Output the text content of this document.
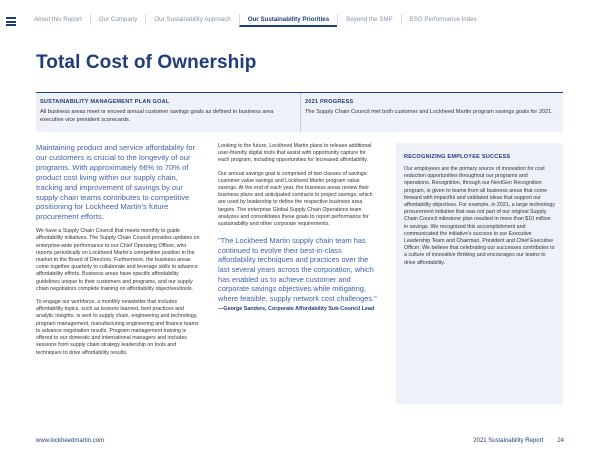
About this Report	Our Company	Our Sustainability Approach	Our Sustainability Priorities	Beyond the SMP	ESG Performance Index
Total Cost of Ownership
SUSTAINABILITY MANAGEMENT PLAN GOAL
All business areas meet or exceed annual customer savings goals as defined in business area executive vice president scorecards.
2021 PROGRESS
The Supply Chain Council met both customer and Lockheed Martin program savings goals for 2021.

Maintaining product and service affordability for our customers is crucial to the longevity of our programs. With approximately 66% to 70% of product cost living within our supply chain, tracking and improvement of savings by our supply chain teams contributes to competitive positioning for Lockheed Martin's future procurement efforts.

We have a Supply Chain Council that meets monthly to guide affordability initiatives. The Supply Chain Council provides updates on enterprise-wide performance to our Chief Operating Officer, who reports periodically on Lockheed Martin's competitive position in the market to the Board of Directors. Furthermore, the business areas come together quarterly to collaborate and leverage skills to advance affordability efforts. Business areas have specific affordability guidelines unique to their customers and programs, and our supply chain negotiators complete training on affordability objectives/tools.

To engage our workforce, a monthly newsletter that includes affordability topics, such as lessons learned, best practices and analytic insights, is sent to supply chain, engineering and technology, program management, manufacturing engineering and finance teams to advance negotiation results. Program management training is offered to our domestic and international managers and includes sessions from supply chain strategy leadership on tools and techniques to drive affordability results.

Looking to the future, Lockheed Martin plans to release additional user-friendly digital tools that assist with opportunity capture for each program, including opportunities for increased affordability.

Our annual savings goal is comprised of two classes of savings: customer value savings and Lockheed Martin program value savings. At the end of each year, the business areas review their business plans and anticipated contracts to project savings, which are used by leadership to define the respective business area targets. The enterprise Global Supply Chain Operations team analyzes and consolidates these goals to report performance for sustainability and other corporate requirements.

"The Lockheed Martin supply chain team has continued to evolve their best-in-class affordability techniques and practices over the last several years across the corporation, which has enabled us to achieve customer and corporate savings objectives while mitigating, where feasible, supply network cost challenges."

—George Sanders, Corporate Affordability Sub-Council Lead

RECOGNIZING EMPLOYEE SUCCESS

Our employees are the primary source of innovation for cost reduction opportunities throughout our programs and operations. Recognition, through our NextGen Recognition program, is given to teams from all business areas that come forward with impactful and validated ideas that support our affordability objectives. For example, in 2021, a large technology procurement initiative that was not part of our original Supply Chain Council milestone plan resulted in more than $10 million in savings. We recognized this accomplishment and communicated the initiative's success to our Executive Leadership Team and Chairman, President and Chief Executive Officer. We believe that celebrating our successes contributes to a culture of innovative thinking and encourages our teams to drive affordability.

www.lockheedmartin.com	2021 Sustainability Report 24
